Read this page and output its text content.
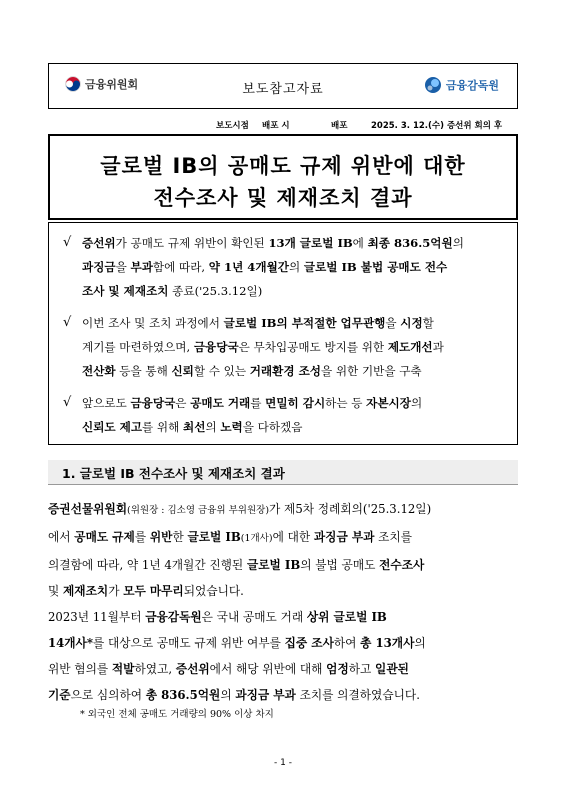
금융위원회	보도참고자료	금융감독원
보도시점 배포 시	배포	2025. 3. 12.(수) 증선위 회의 후
글로벌 IB의 공매도 규제 위반에 대한
전수조사 및 제재조치 결과
√ 증선위가 공매도 규제 위반이 확인된 13개 글로벌 IB에 최종 836.5억원의
과징금을 부과함에 따라, 약 1년 4개월간의 글로벌 IB 불법 공매도 전수
조사 및 제재조치 종료('25.3.12일)
√ 이번 조사 및 조치 과정에서 글로벌 IB의 부적절한 업무관행을 시정할
계기를 마련하였으며, 금융당국은 무차입공매도 방지를 위한 제도개선과
전산화 등을 통해 신뢰할 수 있는 거래환경 조성을 위한 기반을 구축
√ 앞으로도 금융당국은 공매도 거래를 면밀히 감시하는 등 자본시장의
신뢰도 제고를 위해 최선의 노력을 다하겠음
1. 글로벌 IB 전수조사 및 제재조치 결과
증권선물위원회(위원장 : 김소영 금융위 부위원장)가 제5차 정례회의('25.3.12일)
에서 공매도 규제를 위반한 글로벌 IB(1개사)에 대한 과징금 부과 조치를
의결함에 따라, 약 1년 4개월간 진행된 글로벌 IB의 불법 공매도 전수조사
및 제재조치가 모두 마무리되었습니다.
2023년 11월부터 금융감독원은 국내 공매도 거래 상위 글로벌 IB
14개사*를 대상으로 공매도 규제 위반 여부를 집중 조사하여 총 13개사의
위반 혐의를 적발하였고, 증선위에서 해당 위반에 대해 엄정하고 일관된
기준으로 심의하여 총 836.5억원의 과징금 부과 조치를 의결하였습니다.
* 외국인 전체 공매도 거래량의 90% 이상 차지
- 1 -
